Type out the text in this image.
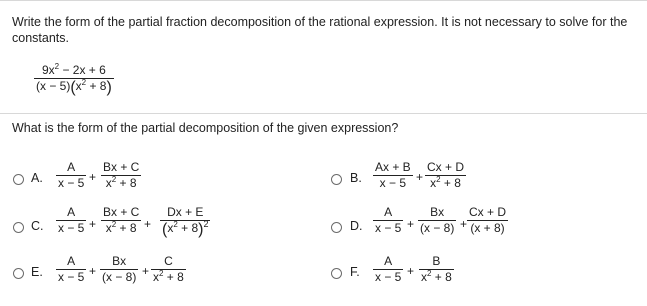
Write the form of the partial fraction decomposition of the rational expression. It is not necessary to solve for the constants.
$9x^2 - 2x + 6$
$(x - 5)(x^2 + 8)$
What is the form of the partial decomposition of the given expression?
A.
A
x − 5 +
Bx + C
$x^2 + 8$	B.
Ax + B
x − 5 +
Cx + D
$x^2 + 8$
C.
A
x − 5 +
Bx + C
$x^2 + 8$ +
Dx + E
$(x^2 + 8)^2$	D.
A
x − 5 +
Bx
(x − 8) +
Cx + D
(x + 8)
E.
A
x − 5 +
Bx
(x − 8) +
C
$x^2 + 8$	F.
A
x − 5 +
B
$x^2 + 8$
